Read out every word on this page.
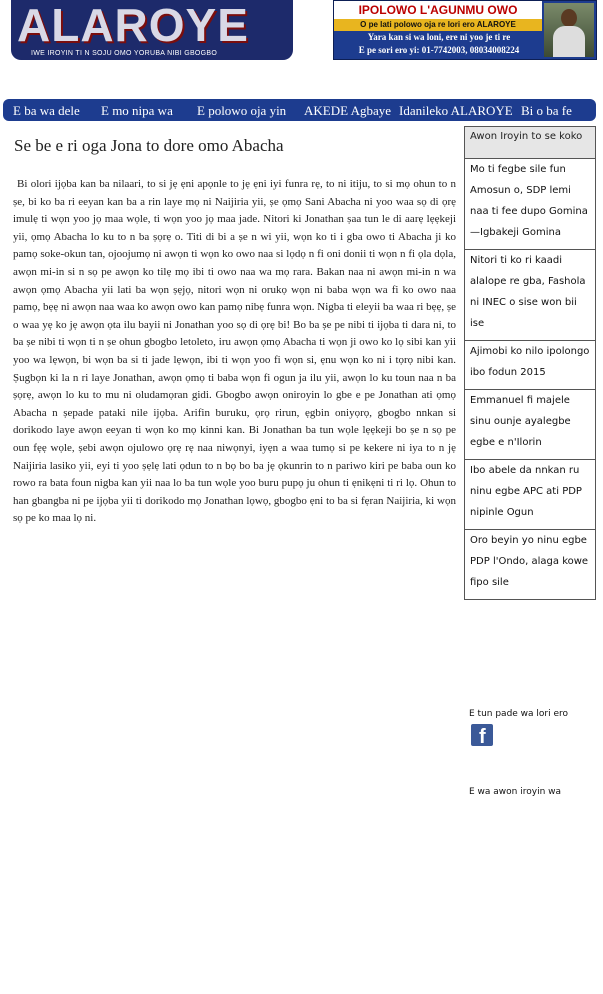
ALAROYE
IWE IROYIN TI N SOJU OMO YORUBA NIBI GBOGBO
IPOLOWO L'AGUNMU OWO
O pe lati polowo oja re lori ero ALAROYE
Yara kan si wa loni, ere ni yoo je ti re
E pe sori ero yi: 01-7742003, 08034008224
E ba wa dele E mo nipa wa E polowo oja yin AKEDE Agbaye Idanileko ALAROYE Bi o ba fe
Se be e ri oga Jona to dore omo Abacha
Bi olori ijọba kan ba nilaari, to si jẹ ẹni apọnle to jẹ ẹni iyi funra rẹ, to ni itiju, to si mọ ohun to n ṣe, bi ko ba ri eeyan kan ba a rin laye mọ ni Naijiria yii, ṣe ọmọ Sani Abacha ni yoo waa sọ di ọrẹ imulẹ ti wọn yoo jọ maa wọle, ti wọn yoo jọ maa jade. Nitori ki Jonathan ṣaa tun le di aarẹ lẹẹkeji yii, ọmọ Abacha lo ku to n ba ṣọrẹ o. Titi di bi a ṣe n wi yii, wọn ko ti i gba owo ti Abacha ji ko pamọ soke-okun tan, ojoojumọ ni awọn ti wọn ko owo naa si lọdọ n fi oni donii ti wọn n fi ọla dọla, awọn mi-in si n sọ pe awọn ko tilẹ mọ ibi ti owo naa wa mọ rara. Bakan naa ni awọn mi-in n wa awọn ọmọ Abacha yii lati ba wọn ṣẹjọ, nitori wọn ni orukọ wọn ni baba wọn wa fi ko owo naa pamọ, bẹẹ ni awọn naa waa ko awọn owo kan pamọ nibẹ funra wọn. Nigba ti eleyii ba waa ri bẹẹ, ṣe o waa yẹ ko jẹ awọn ọta ilu bayii ni Jonathan yoo sọ di ọrẹ bi! Bo ba ṣe pe nibi ti ijọba ti dara ni, to ba ṣe nibi ti wọn ti n ṣe ohun gbogbo letoleto, iru awọn ọmọ Abacha ti wọn ji owo ko lọ sibi kan yii yoo wa lẹwọn, bi wọn ba si ti jade lẹwọn, ibi ti wọn yoo fi wọn si, ẹnu wọn ko ni i tọrọ nibi kan. Ṣugbọn ki la n ri laye Jonathan, awọn ọmọ ti baba wọn fi ogun ja ilu yii, awọn lo ku toun naa n ba ṣọrẹ, awọn lo ku to mu ni oludamọran gidi. Gbogbo awọn oniroyin lo gbe e pe Jonathan ati ọmọ Abacha n ṣepade pataki nile ijọba. Arifin buruku, ọrọ rirun, ẹgbin oniyọrọ, gbogbo nnkan si dorikodo laye awọn eeyan ti wọn ko mọ kinni kan. Bi Jonathan ba tun wọle lẹẹkeji bo ṣe n sọ pe oun fẹẹ wọle, ṣebi awọn ojulowo ọrẹ rẹ naa niwọnyi, iyẹn a waa tumọ si pe kekere ni iya to n jẹ Naijiria lasiko yii, eyi ti yoo ṣẹlẹ lati ọdun to n bọ bo ba jẹ ọkunrin to n pariwo kiri pe baba oun ko rowo ra bata foun nigba kan yii naa lo ba tun wọle yoo buru pupọ ju ohun ti ẹnikẹni ti ri lọ. Ohun to han gbangba ni pe ijọba yii ti dorikodo mọ Jonathan lọwọ, gbogbo ẹni to ba si fẹran Naijiria, ki wọn sọ pe ko maa lọ ni.
Awon Iroyin to se koko
Mo ti fegbe sile fun Amosun o, SDP lemi naa ti fee dupo Gomina—Igbakeji Gomina
Nitori ti ko ri kaadi alalope re gba, Fashola ni INEC o sise won bii ise
Ajimobi ko nilo ipolongo ibo fodun 2015
Emmanuel fi majele sinu ounje ayalegbe egbe e n'Ilorin
Ibo abele da nnkan ru ninu egbe APC ati PDP nipinle Ogun
Oro beyin yo ninu egbe PDP l'Ondo, alaga kowe fipo sile
E tun pade wa lori ero
f
E wa awon iroyin wa
